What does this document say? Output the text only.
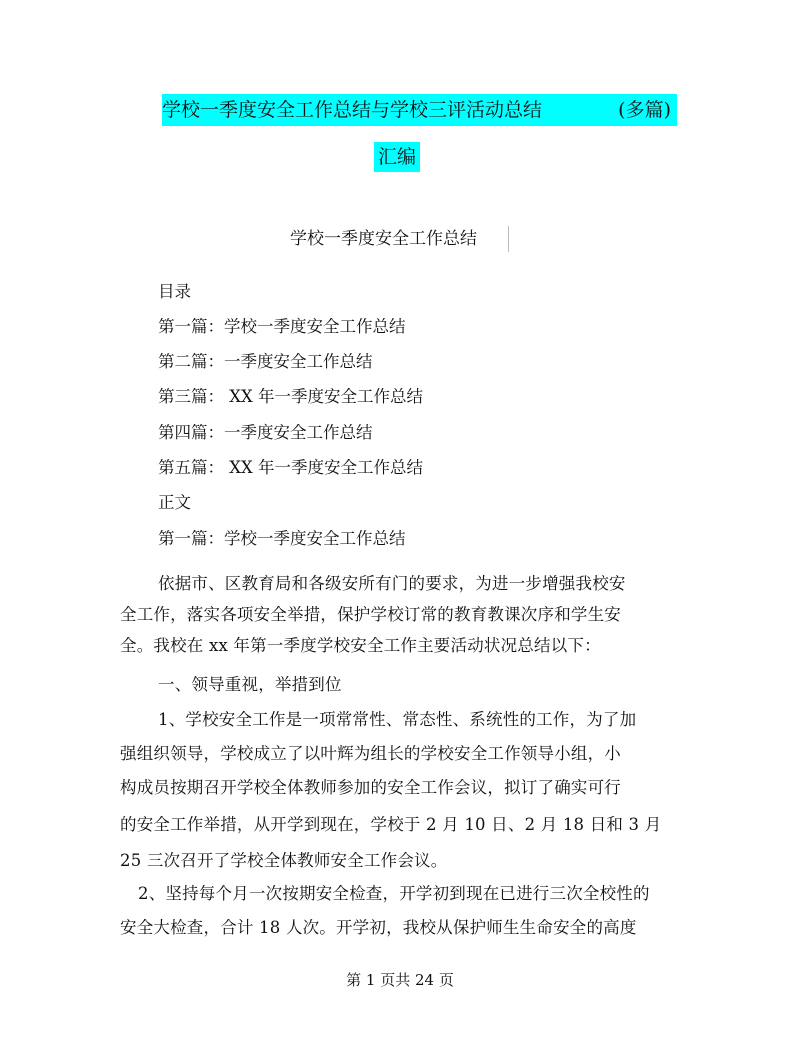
学校一季度安全工作总结与学校三评活动总结	(多篇)
汇编
学校一季度安全工作总结
目录
第一篇：学校一季度安全工作总结
第二篇：一季度安全工作总结
第三篇： XX 年一季度安全工作总结
第四篇：一季度安全工作总结
第五篇： XX 年一季度安全工作总结
正文
第一篇：学校一季度安全工作总结
依据市、区教育局和各级安所有门的要求，为进一步增强我校安
全工作，落实各项安全举措，保护学校订常的教育教课次序和学生安
全。我校在 xx 年第一季度学校安全工作主要活动状况总结以下：
一、领导重视，举措到位
1、学校安全工作是一项常常性、常态性、系统性的工作，为了加
强组织领导，学校成立了以叶辉为组长的学校安全工作领导小组，小
构成员按期召开学校全体教师参加的安全工作会议，拟订了确实可行
的安全工作举措，从开学到现在，学校于 2 月 10 日、2 月 18 日和 3 月
25 三次召开了学校全体教师安全工作会议。
2、坚持每个月一次按期安全检查，开学初到现在已进行三次全校性的
安全大检查，合计 18 人次。开学初，我校从保护师生生命安全的高度
第 1 页共 24 页
